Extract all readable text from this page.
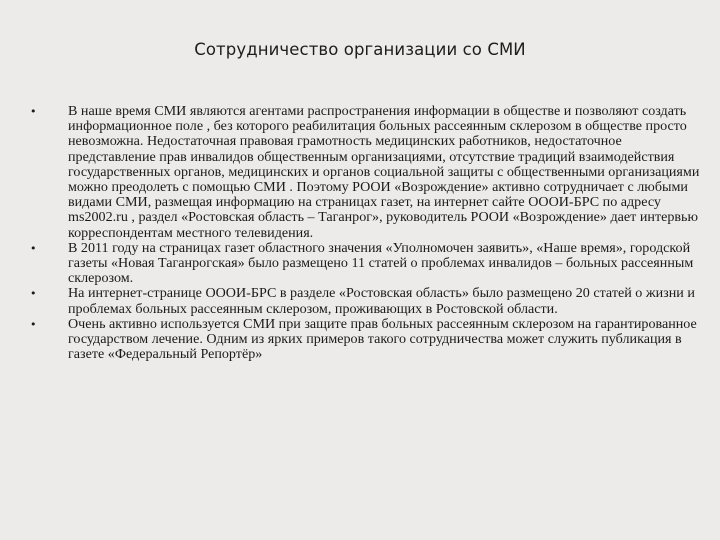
Сотрудничество организации со СМИ
• В наше время СМИ являются агентами распространения информации в обществе и позволяют создать информационное поле , без которого реабилитация больных рассеянным склерозом в обществе просто невозможна. Недостаточная правовая грамотность медицинских работников, недостаточное представление прав инвалидов общественным организациями, отсутствие традиций взаимодействия государственных органов, медицинских и органов социальной защиты с общественными организациями можно преодолеть с помощью СМИ . Поэтому РООИ «Возрождение» активно сотрудничает с любыми видами СМИ, размещая информацию на страницах газет, на интернет сайте ОООИ-БРС по адресу ms2002.ru , раздел «Ростовская область – Таганрог», руководитель РООИ «Возрождение» дает интервью корреспондентам местного телевидения.
• В 2011 году на страницах газет областного значения «Уполномочен заявить», «Наше время», городской газеты «Новая Таганрогская» было размещено 11 статей о проблемах инвалидов – больных рассеянным склерозом.
• На интернет-странице ОООИ-БРС в разделе «Ростовская область» было размещено 20 статей о жизни и проблемах больных рассеянным склерозом, проживающих в Ростовской области.
• Очень активно используется СМИ при защите прав больных рассеянным склерозом на гарантированное государством лечение. Одним из ярких примеров такого сотрудничества может служить публикация в газете «Федеральный Репортёр»
